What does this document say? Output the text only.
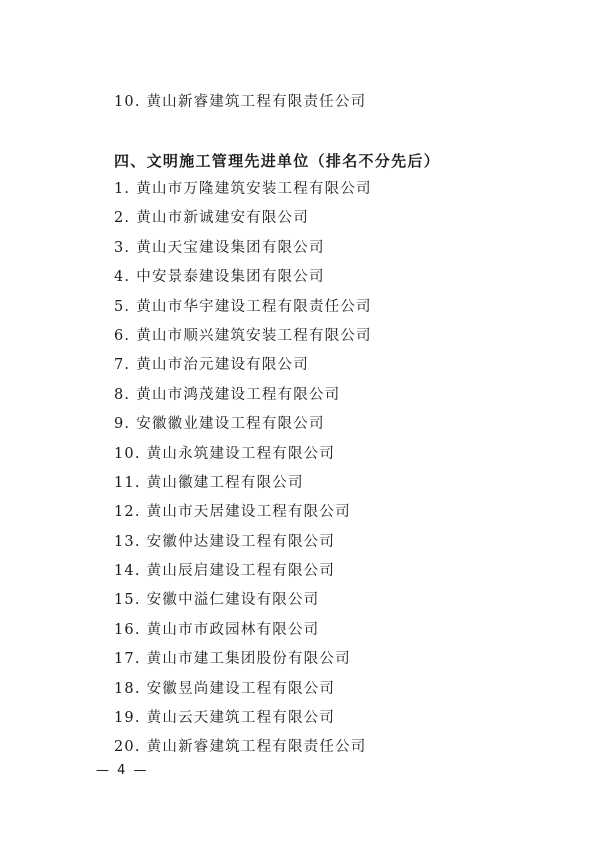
10. 黄山新睿建筑工程有限责任公司
四、文明施工管理先进单位（排名不分先后）
1. 黄山市万隆建筑安装工程有限公司
2. 黄山市新诚建安有限公司
3. 黄山天宝建设集团有限公司
4. 中安景泰建设集团有限公司
5. 黄山市华宇建设工程有限责任公司
6. 黄山市顺兴建筑安装工程有限公司
7. 黄山市治元建设有限公司
8. 黄山市鸿茂建设工程有限公司
9. 安徽徽业建设工程有限公司
10. 黄山永筑建设工程有限公司
11. 黄山徽建工程有限公司
12. 黄山市天居建设工程有限公司
13. 安徽仲达建设工程有限公司
14. 黄山辰启建设工程有限公司
15. 安徽中溢仁建设有限公司
16. 黄山市市政园林有限公司
17. 黄山市建工集团股份有限公司
18. 安徽昱尚建设工程有限公司
19. 黄山云天建筑工程有限公司
20. 黄山新睿建筑工程有限责任公司
— 4 —
